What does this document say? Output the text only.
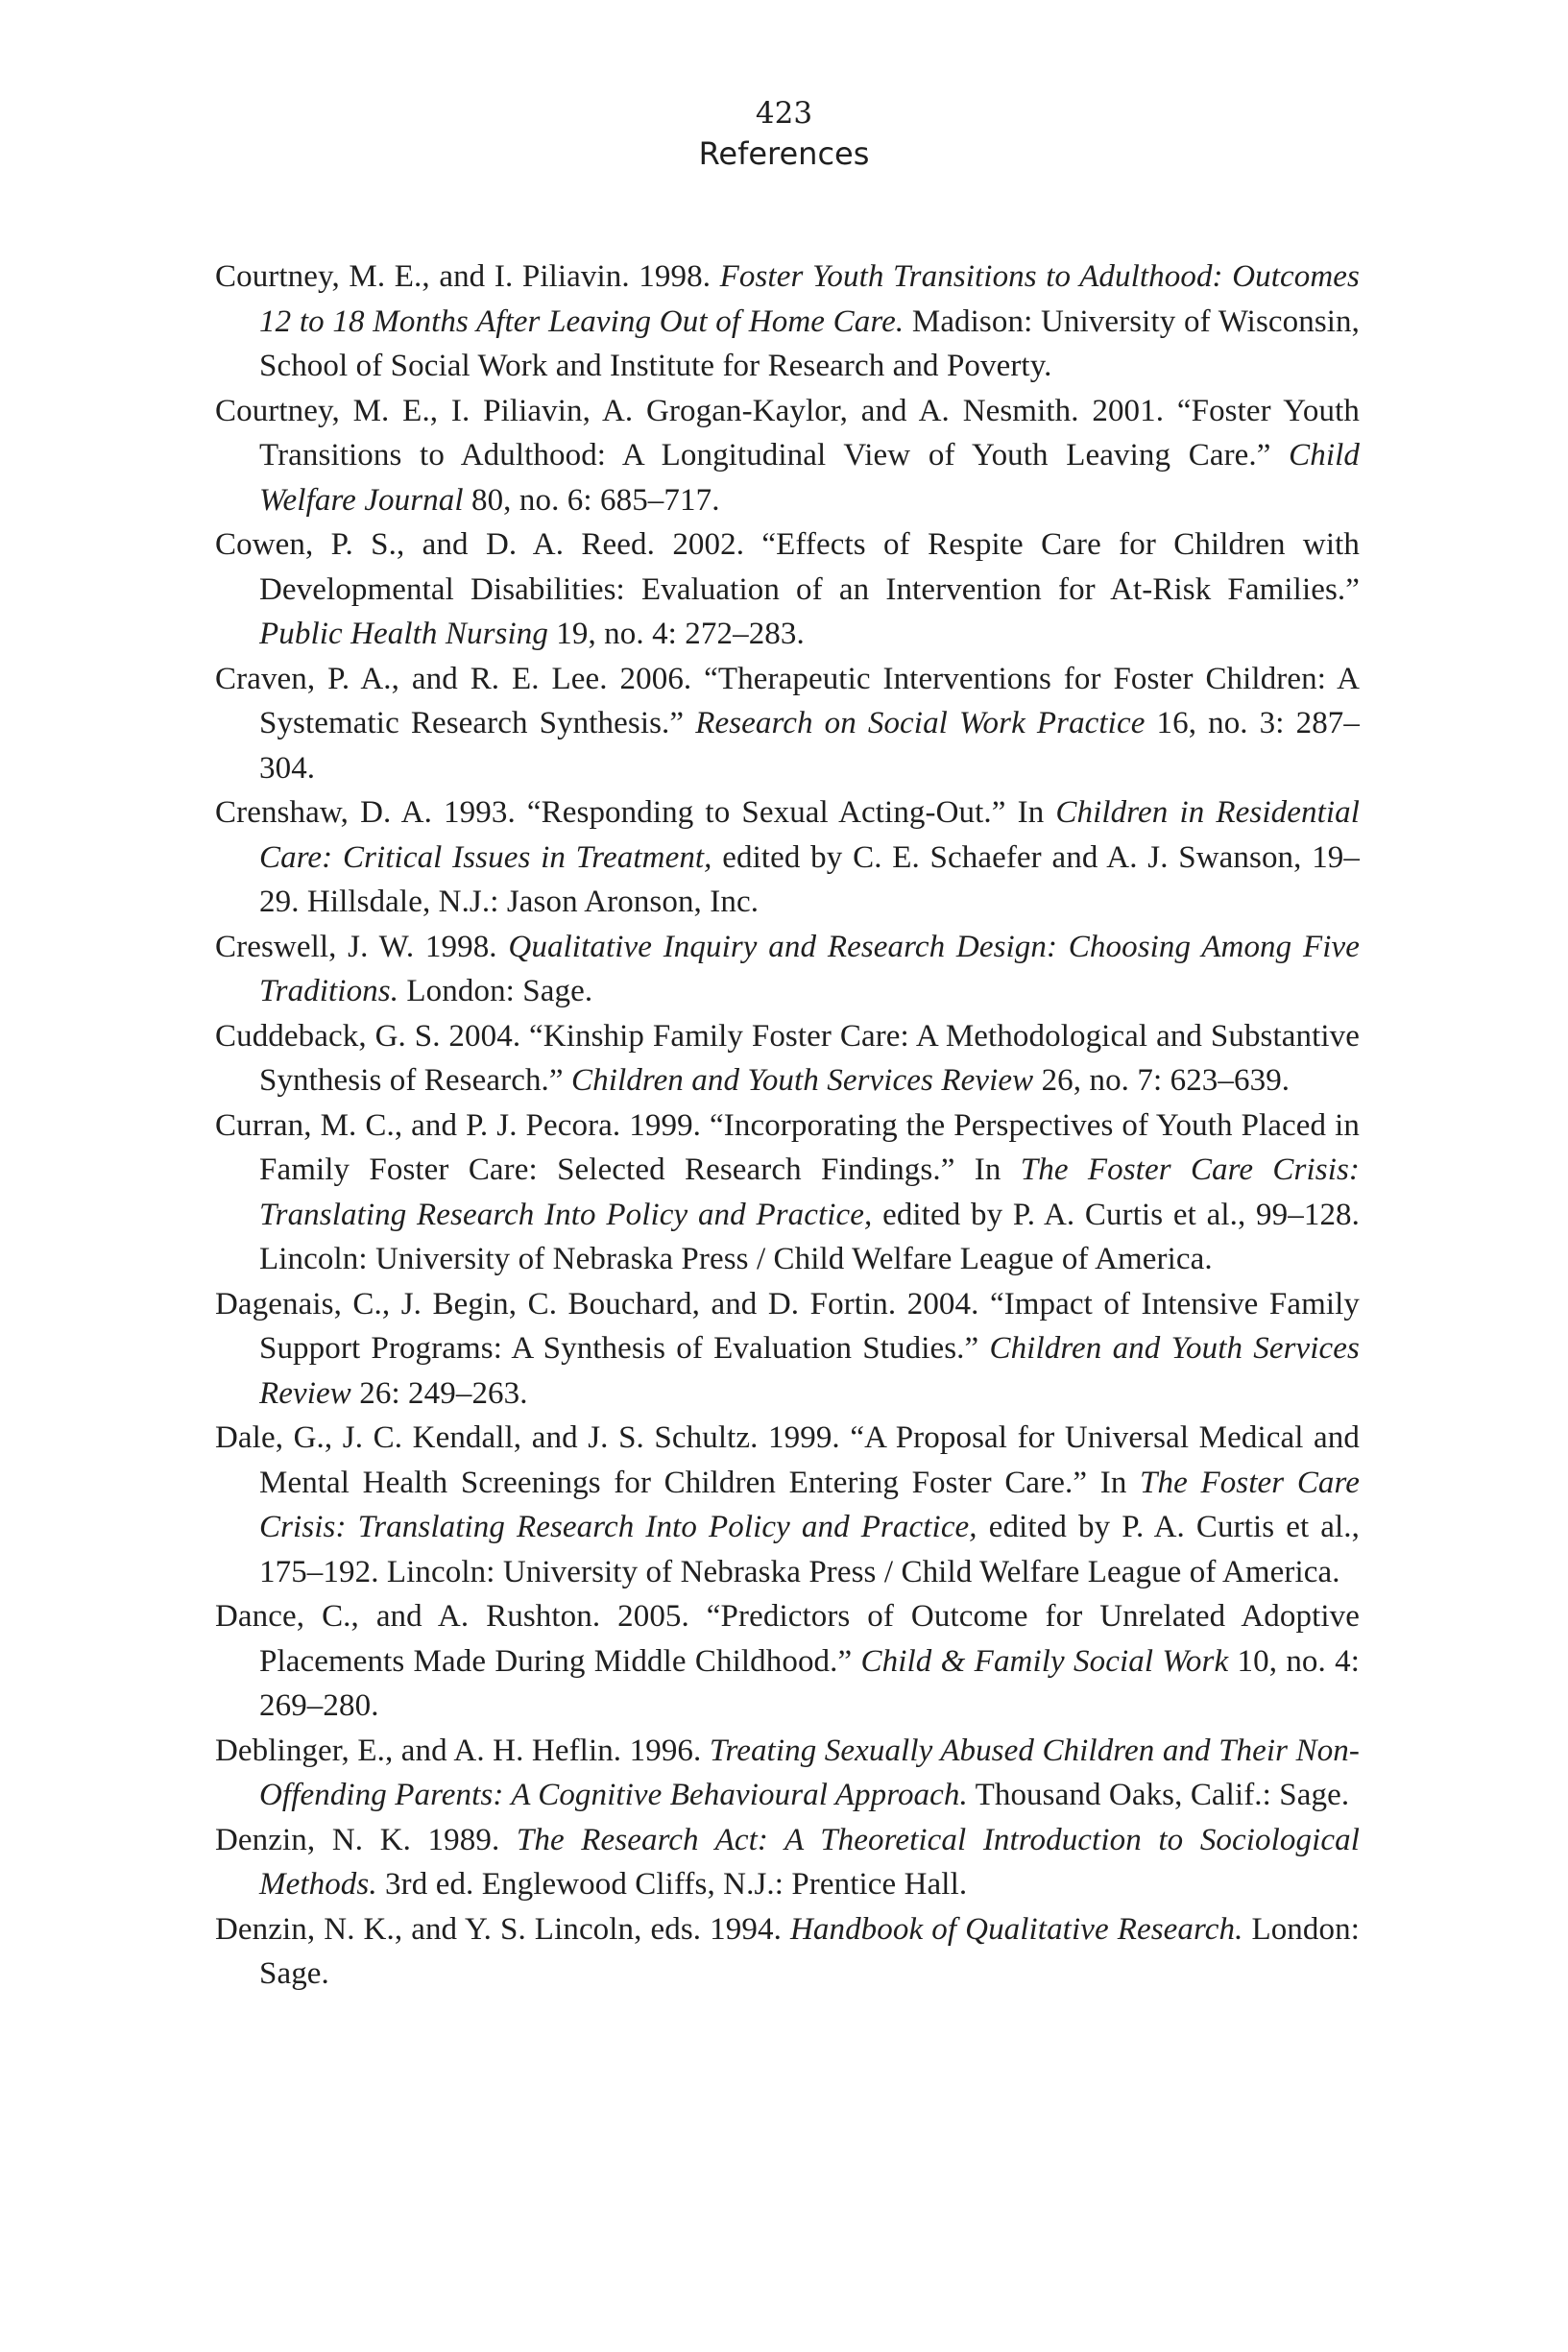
423
References
Courtney, M. E., and I. Piliavin. 1998. Foster Youth Transitions to Adulthood: Outcomes 12 to 18 Months After Leaving Out of Home Care. Madison: University of Wisconsin, School of Social Work and Institute for Research and Poverty.
Courtney, M. E., I. Piliavin, A. Grogan-Kaylor, and A. Nesmith. 2001. “Foster Youth Transitions to Adulthood: A Longitudinal View of Youth Leaving Care.” Child Welfare Journal 80, no. 6: 685–717.
Cowen, P. S., and D. A. Reed. 2002. “Effects of Respite Care for Children with Developmental Disabilities: Evaluation of an Intervention for At-Risk Families.” Public Health Nursing 19, no. 4: 272–283.
Craven, P. A., and R. E. Lee. 2006. “Therapeutic Interventions for Foster Children: A Systematic Research Synthesis.” Research on Social Work Practice 16, no. 3: 287–304.
Crenshaw, D. A. 1993. “Responding to Sexual Acting-Out.” In Children in Residential Care: Critical Issues in Treatment, edited by C. E. Schaefer and A. J. Swanson, 19–29. Hillsdale, N.J.: Jason Aronson, Inc.
Creswell, J. W. 1998. Qualitative Inquiry and Research Design: Choosing Among Five Traditions. London: Sage.
Cuddeback, G. S. 2004. “Kinship Family Foster Care: A Methodological and Substantive Synthesis of Research.” Children and Youth Services Review 26, no. 7: 623–639.
Curran, M. C., and P. J. Pecora. 1999. “Incorporating the Perspectives of Youth Placed in Family Foster Care: Selected Research Findings.” In The Foster Care Crisis: Translating Research Into Policy and Practice, edited by P. A. Curtis et al., 99–128. Lincoln: University of Nebraska Press / Child Welfare League of America.
Dagenais, C., J. Begin, C. Bouchard, and D. Fortin. 2004. “Impact of Intensive Family Support Programs: A Synthesis of Evaluation Studies.” Children and Youth Services Review 26: 249–263.
Dale, G., J. C. Kendall, and J. S. Schultz. 1999. “A Proposal for Universal Medical and Mental Health Screenings for Children Entering Foster Care.” In The Foster Care Crisis: Translating Research Into Policy and Practice, edited by P. A. Curtis et al., 175–192. Lincoln: University of Nebraska Press / Child Welfare League of America.
Dance, C., and A. Rushton. 2005. “Predictors of Outcome for Unrelated Adoptive Placements Made During Middle Childhood.” Child & Family Social Work 10, no. 4: 269–280.
Deblinger, E., and A. H. Heflin. 1996. Treating Sexually Abused Children and Their Non-Offending Parents: A Cognitive Behavioural Approach. Thousand Oaks, Calif.: Sage.
Denzin, N. K. 1989. The Research Act: A Theoretical Introduction to Sociological Methods. 3rd ed. Englewood Cliffs, N.J.: Prentice Hall.
Denzin, N. K., and Y. S. Lincoln, eds. 1994. Handbook of Qualitative Research. London: Sage.
